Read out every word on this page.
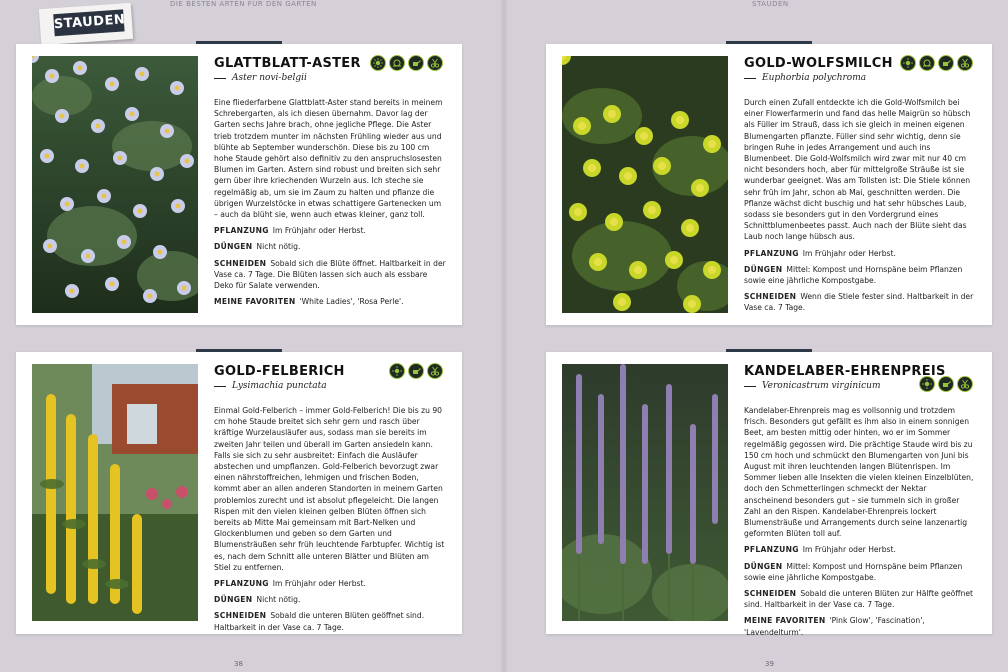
DIE BESTEN ARTEN FÜR DEN GARTEN	STAUDEN
STAUDEN
GLATTBLATT-ASTER
Aster novi-belgii
Eine fliederfarbene Glattblatt-Aster stand bereits in meinem Schrebergarten, als ich diesen übernahm. Davor lag der Garten sechs Jahre brach, ohne jegliche Pflege. Die Aster trieb trotzdem munter im nächsten Frühling wieder aus und blühte ab September wunderschön. Diese bis zu 100 cm hohe Staude gehört also definitiv zu den anspruchslosesten Blumen im Garten. Astern sind robust und breiten sich sehr gern über ihre kriechenden Wurzeln aus. Ich steche sie regelmäßig ab, um sie im Zaum zu halten und pflanze die übrigen Wurzelstöcke in etwas schattigere Gartenecken um – auch da blüht sie, wenn auch etwas kleiner, ganz toll.
PFLANZUNG Im Frühjahr oder Herbst.
DÜNGEN Nicht nötig.
SCHNEIDEN Sobald sich die Blüte öffnet. Haltbarkeit in der Vase ca. 7 Tage. Die Blüten lassen sich auch als essbare Deko für Salate verwenden.
MEINE FAVORITEN 'White Ladies', 'Rosa Perle'.
GOLD-WOLFSMILCH
Euphorbia polychroma
Durch einen Zufall entdeckte ich die Gold-Wolfsmilch bei einer Flowerfarmerin und fand das helle Maigrün so hübsch als Füller im Strauß, dass ich sie gleich in meinen eigenen Blumengarten pflanzte. Füller sind sehr wichtig, denn sie bringen Ruhe in jedes Arrangement und auch ins Blumenbeet. Die Gold-Wolfsmilch wird zwar mit nur 40 cm nicht besonders hoch, aber für mittelgroße Sträuße ist sie wunderbar geeignet. Was am Tollsten ist: Die Stiele können sehr früh im Jahr, schon ab Mai, geschnitten werden. Die Pflanze wächst dicht buschig und hat sehr hübsches Laub, sodass sie besonders gut in den Vordergrund eines Schnittblumenbeetes passt. Auch nach der Blüte sieht das Laub noch lange hübsch aus.
PFLANZUNG Im Frühjahr oder Herbst.
DÜNGEN Mittel: Kompost und Hornspäne beim Pflanzen sowie eine jährliche Kompostgabe.
SCHNEIDEN Wenn die Stiele fester sind. Haltbarkeit in der Vase ca. 7 Tage.
GOLD-FELBERICH
Lysimachia punctata
Einmal Gold-Felberich – immer Gold-Felberich! Die bis zu 90 cm hohe Staude breitet sich sehr gern und rasch über kräftige Wurzelausläufer aus, sodass man sie bereits im zweiten Jahr teilen und überall im Garten ansiedeln kann. Falls sie sich zu sehr ausbreitet: Einfach die Ausläufer abstechen und umpflanzen. Gold-Felberich bevorzugt zwar einen nährstoffreichen, lehmigen und frischen Boden, kommt aber an allen anderen Standorten in meinem Garten problemlos zurecht und ist absolut pflegeleicht. Die langen Rispen mit den vielen kleinen gelben Blüten öffnen sich bereits ab Mitte Mai gemeinsam mit Bart-Nelken und Glockenblumen und geben so dem Garten und Blumensträußen sehr früh leuchtende Farbtupfer. Wichtig ist es, nach dem Schnitt alle unteren Blätter und Blüten am Stiel zu entfernen.
PFLANZUNG Im Frühjahr oder Herbst.
DÜNGEN Nicht nötig.
SCHNEIDEN Sobald die unteren Blüten geöffnet sind. Haltbarkeit in der Vase ca. 7 Tage.
KANDELABER-EHRENPREIS
Veronicastrum virginicum
Kandelaber-Ehrenpreis mag es vollsonnig und trotzdem frisch. Besonders gut gefällt es ihm also in einem sonnigen Beet, am besten mittig oder hinten, wo er im Sommer regelmäßig gegossen wird. Die prächtige Staude wird bis zu 150 cm hoch und schmückt den Blumengarten von Juni bis August mit ihren leuchtenden langen Blütenrispen. Im Sommer lieben alle Insekten die vielen kleinen Einzelblüten, doch den Schmetterlingen schmeckt der Nektar anscheinend besonders gut – sie tummeln sich in großer Zahl an den Rispen. Kandelaber-Ehrenpreis lockert Blumensträuße und Arrangements durch seine lanzenartig geformten Blüten toll auf.
PFLANZUNG Im Frühjahr oder Herbst.
DÜNGEN Mittel: Kompost und Hornspäne beim Pflanzen sowie eine jährliche Kompostgabe.
SCHNEIDEN Sobald die unteren Blüten zur Hälfte geöffnet sind. Haltbarkeit in der Vase ca. 7 Tage.
MEINE FAVORITEN 'Pink Glow', 'Fascination', 'Lavendelturm'.
38	39
